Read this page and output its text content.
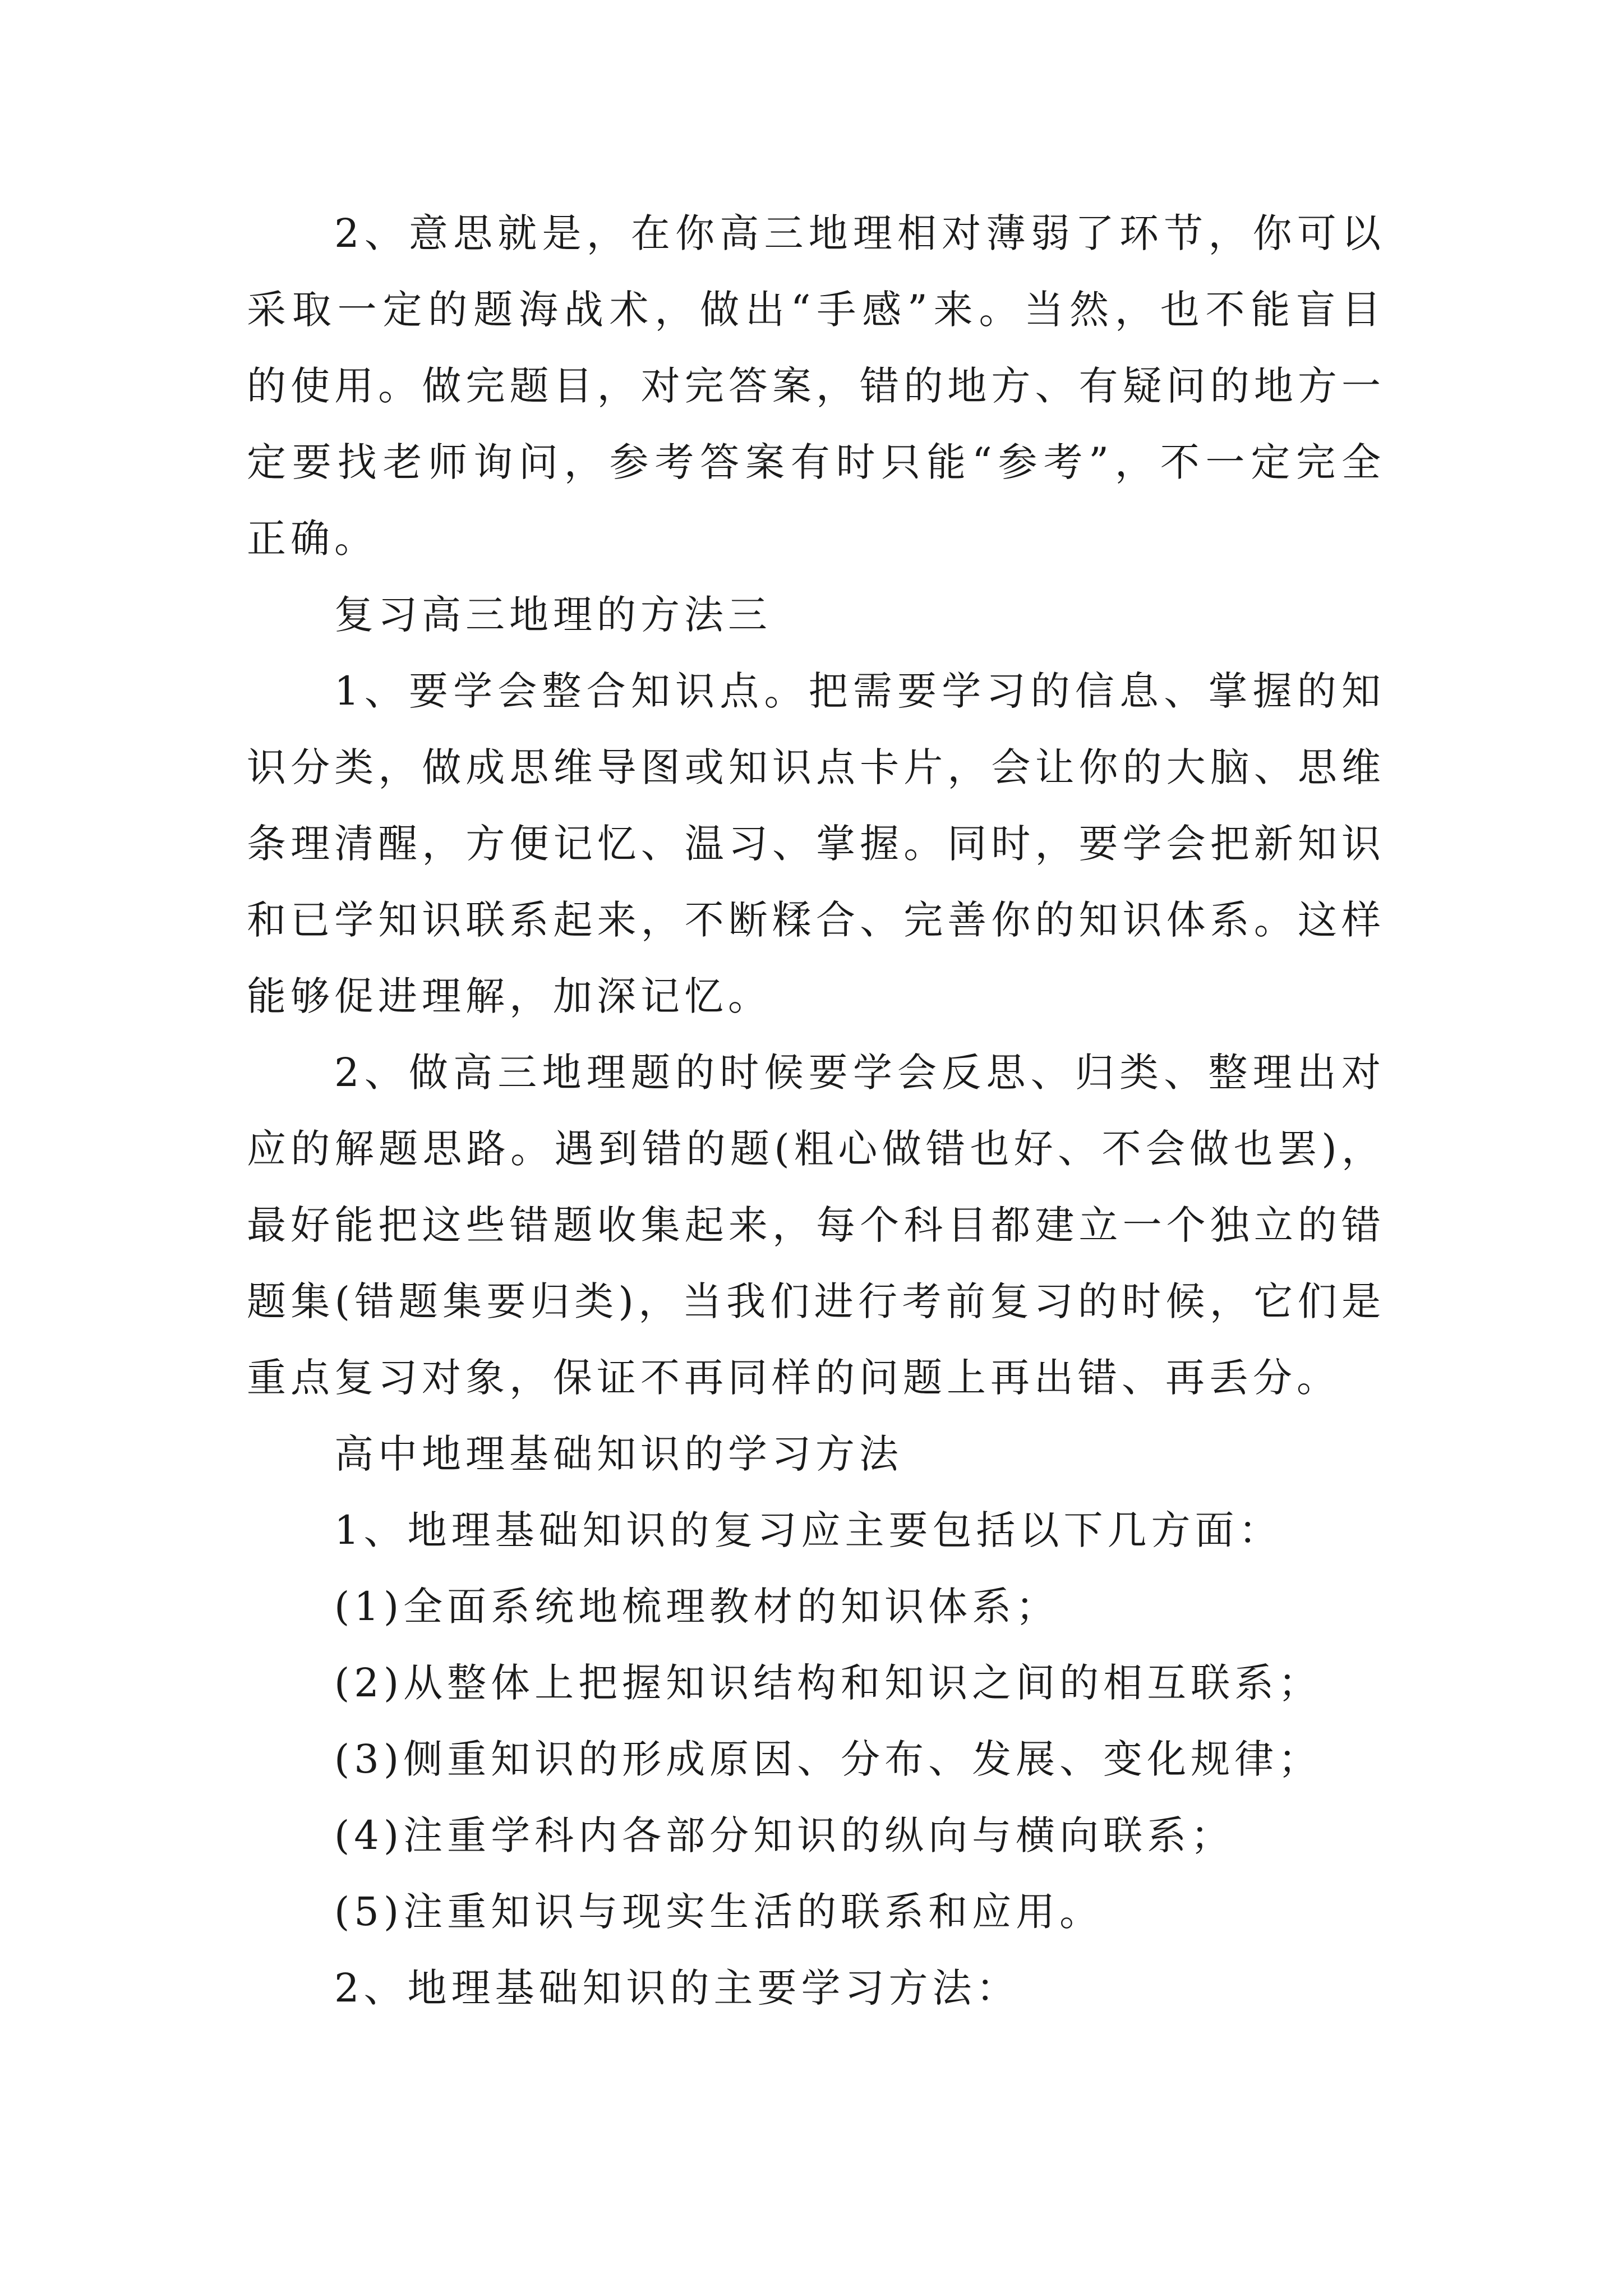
2、意思就是，在你高三地理相对薄弱了环节，你可以采取一定的题海战术，做出“手感”来。当然，也不能盲目的使用。做完题目，对完答案，错的地方、有疑问的地方一定要找老师询问，参考答案有时只能“参考”，不一定完全正确。

复习高三地理的方法三

1、要学会整合知识点。把需要学习的信息、掌握的知识分类，做成思维导图或知识点卡片，会让你的大脑、思维条理清醒，方便记忆、温习、掌握。同时，要学会把新知识和已学知识联系起来，不断糅合、完善你的知识体系。这样能够促进理解，加深记忆。

2、做高三地理题的时候要学会反思、归类、整理出对应的解题思路。遇到错的题(粗心做错也好、不会做也罢)，最好能把这些错题收集起来，每个科目都建立一个独立的错题集(错题集要归类)，当我们进行考前复习的时候，它们是重点复习对象，保证不再同样的问题上再出错、再丢分。

高中地理基础知识的学习方法

1、地理基础知识的复习应主要包括以下几方面：

(1)全面系统地梳理教材的知识体系；

(2)从整体上把握知识结构和知识之间的相互联系；

(3)侧重知识的形成原因、分布、发展、变化规律；

(4)注重学科内各部分知识的纵向与横向联系；

(5)注重知识与现实生活的联系和应用。

2、地理基础知识的主要学习方法：
